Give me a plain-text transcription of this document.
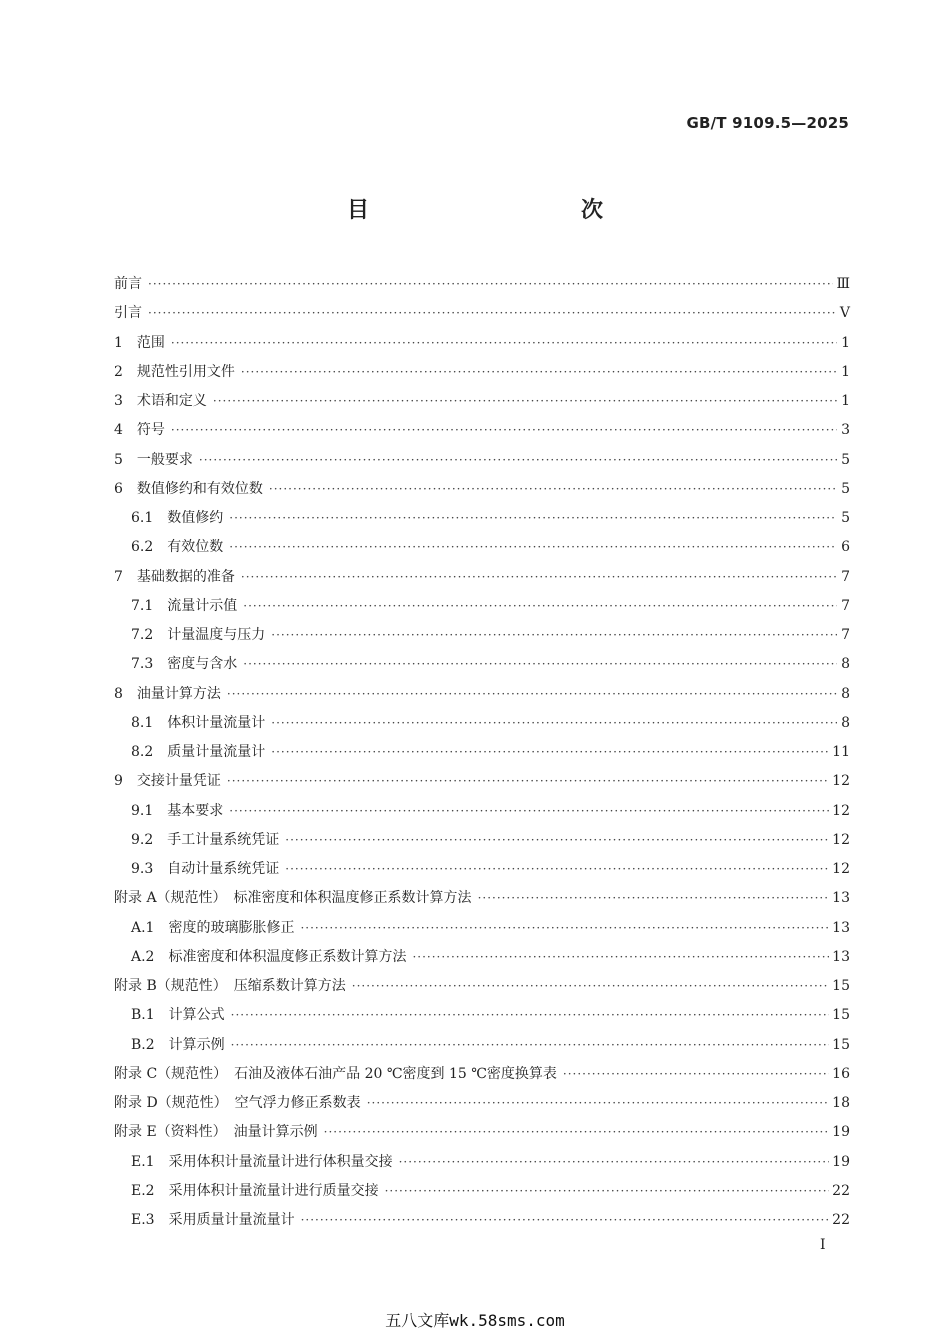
GB/T 9109.5—2025
目　　次
前言 ·····	Ⅲ
引言 ·····	Ⅴ
1　范围 ·····	1
2　规范性引用文件 ·····	1
3　术语和定义 ·····	1
4　符号 ·····	3
5　一般要求 ·····	5
6　数值修约和有效位数 ·····	5
6.1　数值修约 ·····	5
6.2　有效位数 ·····	6
7　基础数据的准备 ·····	7
7.1　流量计示值 ·····	7
7.2　计量温度与压力 ·····	7
7.3　密度与含水 ·····	8
8　油量计算方法 ·····	8
8.1　体积计量流量计 ·····	8
8.2　质量计量流量计 ·····	11
9　交接计量凭证 ·····	12
9.1　基本要求 ·····	12
9.2　手工计量系统凭证 ·····	12
9.3　自动计量系统凭证 ·····	12
附录 A（规范性）　标准密度和体积温度修正系数计算方法 ·····	13
A.1　密度的玻璃膨胀修正 ·····	13
A.2　标准密度和体积温度修正系数计算方法 ·····	13
附录 B（规范性）　压缩系数计算方法 ·····	15
B.1　计算公式 ·····	15
B.2　计算示例 ·····	15
附录 C（规范性）　石油及液体石油产品 20 ℃密度到 15 ℃密度换算表 ·····	16
附录 D（规范性）　空气浮力修正系数表 ·····	18
附录 E（资料性）　油量计算示例 ·····	19
E.1　采用体积计量流量计进行体积量交接 ·····	19
E.2　采用体积计量流量计进行质量交接 ·····	22
E.3　采用质量计量流量计 ·····	22
I
五八文库wk.58sms.com
